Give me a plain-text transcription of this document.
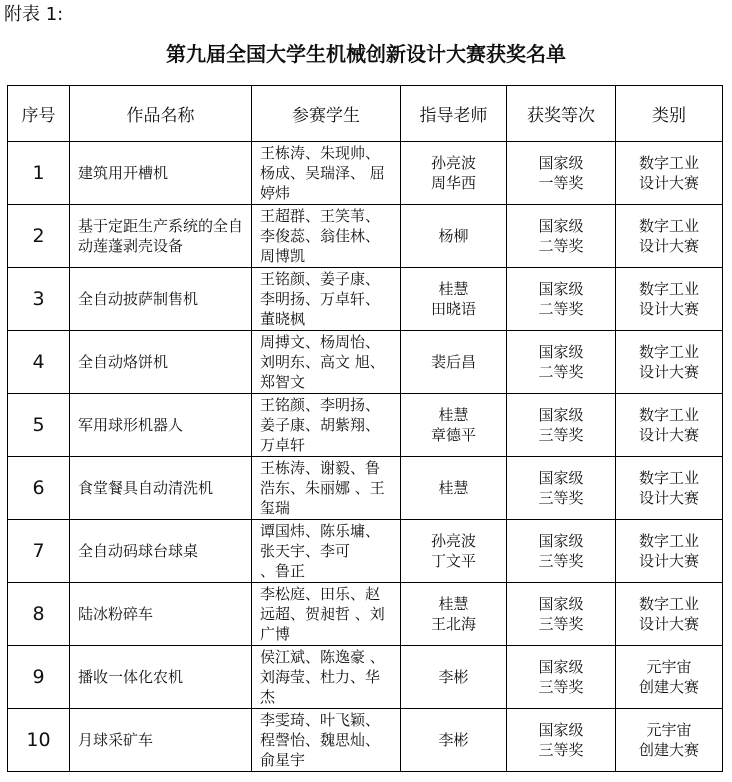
附表 1:
第九届全国大学生机械创新设计大赛获奖名单
序号	作品名称	参赛学生	指导老师	获奖等次	类别
1	建筑用开槽机	王栋涛、朱现帅、
杨成、吴瑞泽、 屈
婷炜	孙亮波
周华西	国家级
一等奖	数字工业
设计大赛

2	基于定距生产系统的全自动莲蓬剥壳设备	王超群、王笑苇、
李俊蕊、翁佳林、
周博凯	杨柳	国家级
二等奖	数字工业
设计大赛

3	全自动披萨制售机	王铭颜、姜子康、
李明扬、万卓轩、
董晓枫	桂慧
田晓语	国家级
二等奖	数字工业
设计大赛

4	全自动烙饼机	周搏文、杨周怡、
刘明东、高文 旭、
郑智文	裴后昌	国家级
二等奖	数字工业
设计大赛

5	军用球形机器人	王铭颜、李明扬、
姜子康、胡紫翔、
万卓轩	桂慧
章德平	国家级
三等奖	数字工业
设计大赛

6	食堂餐具自动清洗机	王栋涛、谢毅、鲁
浩东、朱丽娜 、王
玺瑞	桂慧	国家级
三等奖	数字工业
设计大赛

7	全自动码球台球桌	谭国炜、陈乐墉、
张天宇、李可
、鲁正	孙亮波
丁文平	国家级
三等奖	数字工业
设计大赛

8	陆冰粉碎车	李松庭、田乐、赵
远超、贺昶哲 、刘
广博	桂慧
王北海	国家级
三等奖	数字工业
设计大赛

9	播收一体化农机	侯江斌、陈逸豪 、
刘海莹、杜力、华
杰	李彬	国家级
三等奖	元宇宙
创建大赛

10	月球采矿车	李雯琦、叶飞颖、
程謦怡、魏思灿、
俞星宇	李彬	国家级
三等奖	元宇宙
创建大赛
